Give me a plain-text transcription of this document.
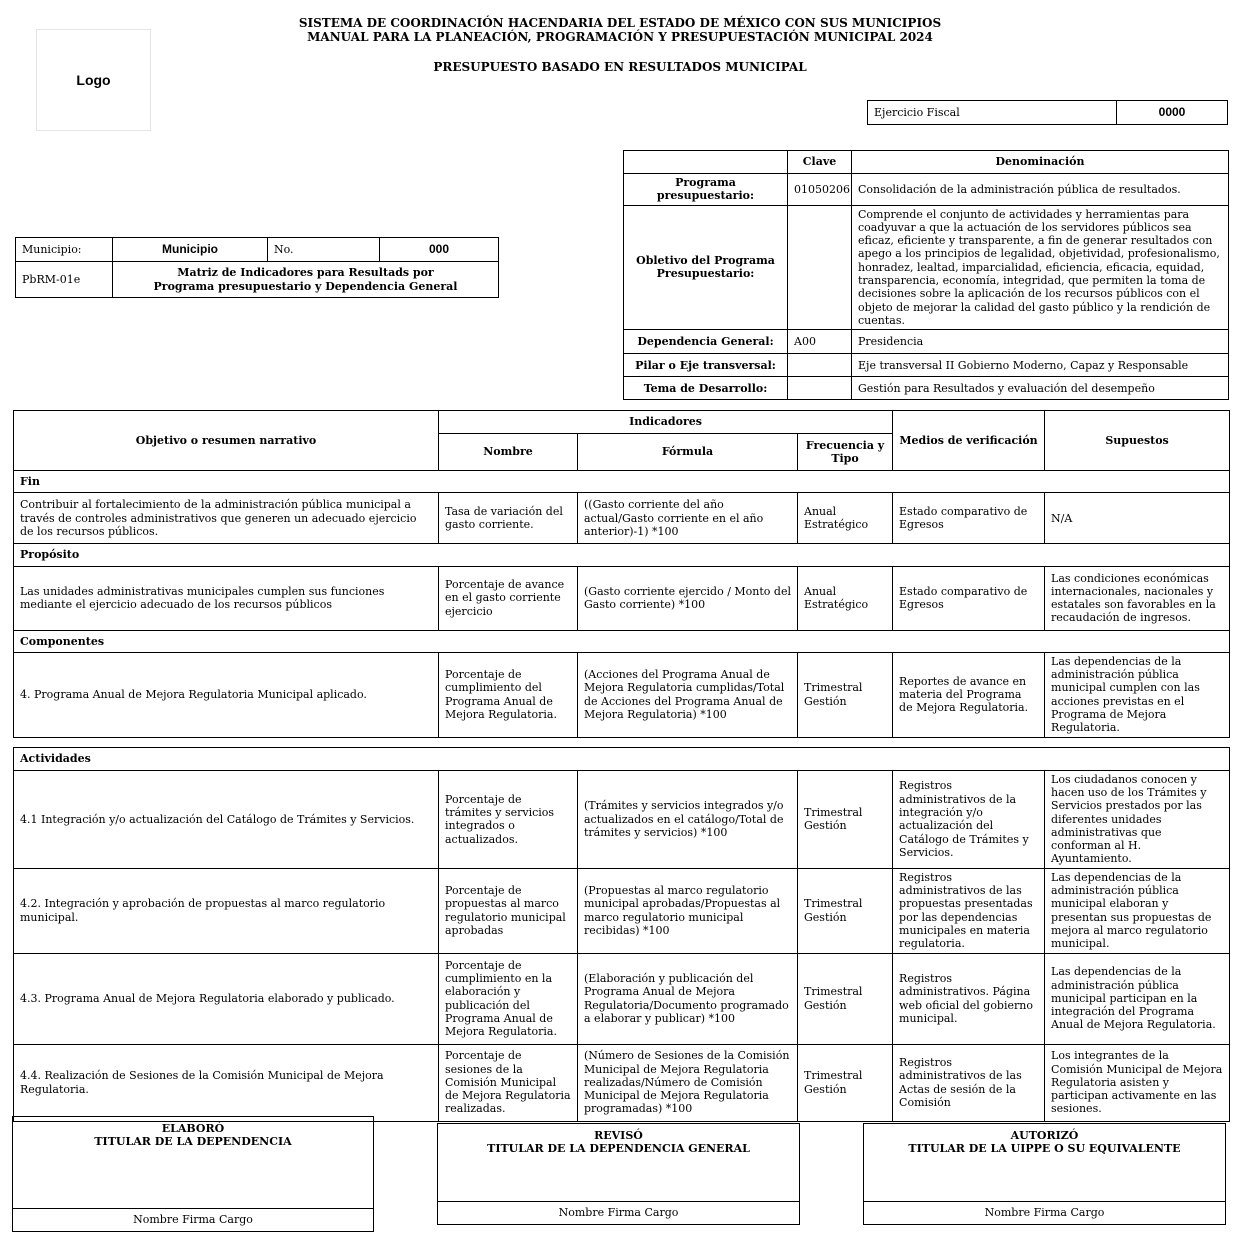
Logo
SISTEMA DE COORDINACIÓN HACENDARIA DEL ESTADO DE MÉXICO CON SUS MUNICIPIOS
MANUAL PARA LA PLANEACIÓN, PROGRAMACIÓN Y PRESUPUESTACIÓN MUNICIPAL 2024
PRESUPUESTO BASADO EN RESULTADOS MUNICIPAL
Ejercicio Fiscal	0000
Municipio:	Municipio	No.	000
PbRM-01e	Matriz de Indicadores para Resultads por
Programa presupuestario y Dependencia General		
	Clave	Denominación
Programa presupuestario:	01050206	Consolidación de la administración pública de resultados.
Obletivo del Programa Presupuestario:		Comprende el conjunto de actividades y herramientas para coadyuvar a que la actuación de los servidores públicos sea eficaz, eficiente y transparente, a fin de generar resultados con apego a los principios de legalidad, objetividad, profesionalismo, honradez, lealtad, imparcialidad, eficiencia, eficacia, equidad, transparencia, economía, integridad, que permiten la toma de decisiones sobre la aplicación de los recursos públicos con el objeto de mejorar la calidad del gasto público y la rendición de cuentas.
Dependencia General:	A00	Presidencia
Pilar o Eje transversal:		Eje transversal II Gobierno Moderno, Capaz y Responsable
Tema de Desarrollo:		Gestión para Resultados y evaluación del desempeño
Objetivo o resumen narrativo	Indicadores			Medios de verificación	Supuestos
	Nombre	Fórmula	Frecuencia y Tipo		
Fin					
Contribuir al fortalecimiento de la administración pública municipal a través de controles administrativos que generen un adecuado ejercicio de los recursos públicos.	Tasa de variación del gasto corriente.	((Gasto corriente del año actual/Gasto corriente en el año anterior)-1) *100	Anual Estratégico	Estado comparativo de Egresos	N/A
Propósito					
Las unidades administrativas municipales cumplen sus funciones mediante el ejercicio adecuado de los recursos públicos	Porcentaje de avance en el gasto corriente ejercicio	(Gasto corriente ejercido / Monto del Gasto corriente) *100	Anual Estratégico	Estado comparativo de Egresos	Las condiciones económicas internacionales, nacionales y estatales son favorables en la recaudación de ingresos.
Componentes					
4. Programa Anual de Mejora Regulatoria Municipal aplicado.	Porcentaje de cumplimiento del Programa Anual de Mejora Regulatoria.	(Acciones del Programa Anual de Mejora Regulatoria cumplidas/Total de Acciones del Programa Anual de Mejora Regulatoria) *100	Trimestral Gestión	Reportes de avance en materia del Programa de Mejora Regulatoria.	Las dependencias de la administración pública municipal cumplen con las acciones previstas en el Programa de Mejora Regulatoria.

Actividades					
4.1 Integración y/o actualización del Catálogo de Trámites y Servicios.	Porcentaje de trámites y servicios integrados o actualizados.	(Trámites y servicios integrados y/o actualizados en el catálogo/Total de trámites y servicios) *100	Trimestral Gestión	Registros administrativos de la integración y/o actualización del Catálogo de Trámites y Servicios.	Los ciudadanos conocen y hacen uso de los Trámites y Servicios prestados por las diferentes unidades administrativas que conforman al H. Ayuntamiento.
4.2. Integración y aprobación de propuestas al marco regulatorio municipal.	Porcentaje de propuestas al marco regulatorio municipal aprobadas	(Propuestas al marco regulatorio municipal aprobadas/Propuestas al marco regulatorio municipal recibidas) *100	Trimestral Gestión	Registros administrativos de las propuestas presentadas por las dependencias municipales en materia regulatoria.	Las dependencias de la administración pública municipal elaboran y presentan sus propuestas de mejora al marco regulatorio municipal.
4.3. Programa Anual de Mejora Regulatoria elaborado y publicado.	Porcentaje de cumplimiento en la elaboración y publicación del Programa Anual de Mejora Regulatoria.	(Elaboración y publicación del Programa Anual de Mejora Regulatoria/Documento programado a elaborar y publicar) *100	Trimestral Gestión	Registros administrativos. Página web oficial del gobierno municipal.	Las dependencias de la administración pública municipal participan en la integración del Programa Anual de Mejora Regulatoria.
4.4. Realización de Sesiones de la Comisión Municipal de Mejora Regulatoria.	Porcentaje de sesiones de la Comisión Municipal de Mejora Regulatoria realizadas.	(Número de Sesiones de la Comisión Municipal de Mejora Regulatoria realizadas/Número de Comisión Municipal de Mejora Regulatoria programadas) *100	Trimestral Gestión	Registros administrativos de las Actas de sesión de la Comisión	Los integrantes de la Comisión Municipal de Mejora Regulatoria asisten y participan activamente en las sesiones.
ELABORÓ
TITULAR DE LA DEPENDENCIA
Nombre Firma Cargo
REVISÓ
TITULAR DE LA DEPENDENCIA GENERAL
Nombre Firma Cargo
AUTORIZÓ
TITULAR DE LA UIPPE O SU EQUIVALENTE
Nombre Firma Cargo
